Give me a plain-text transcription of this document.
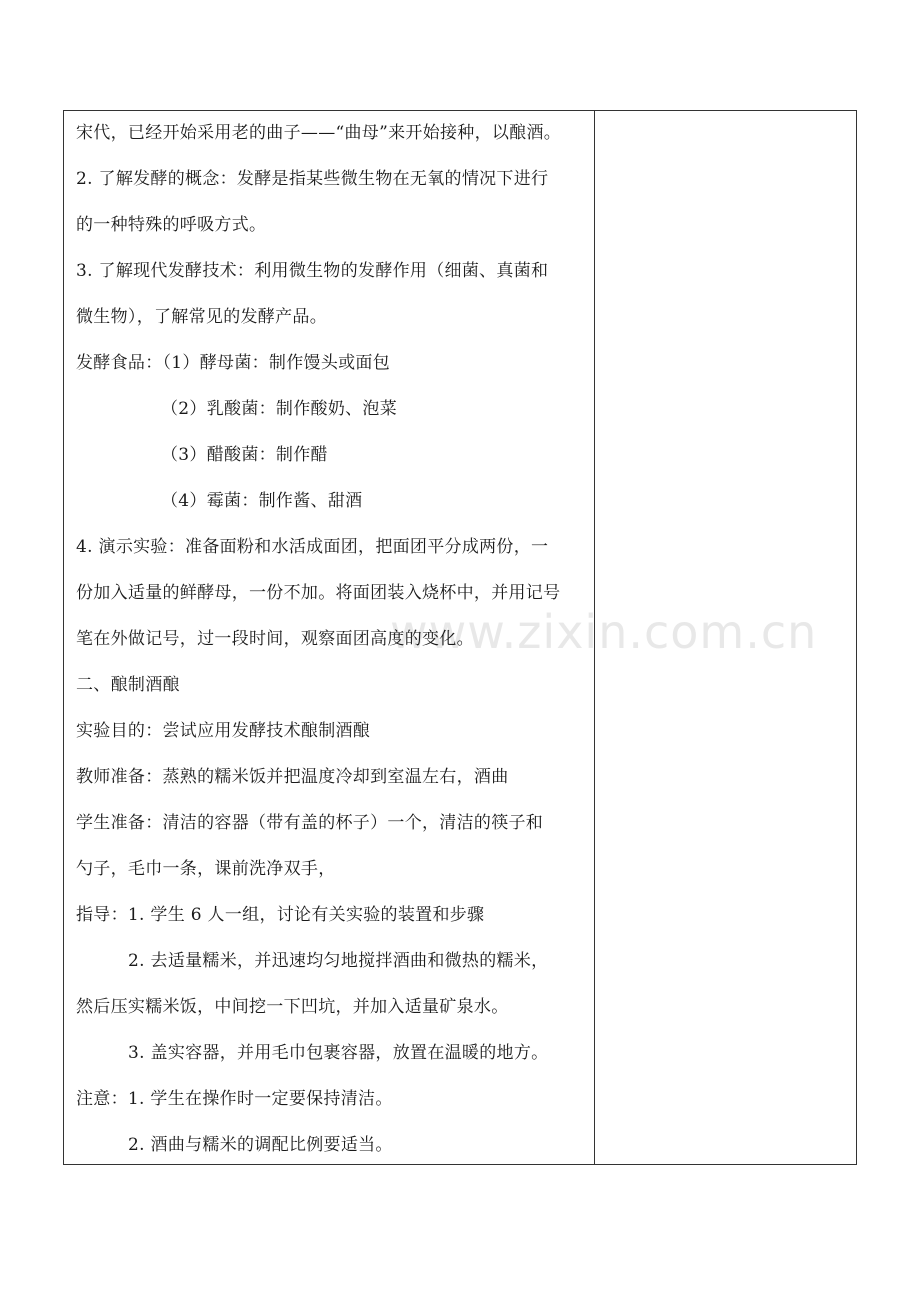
www.zixin.com.cn
宋代，已经开始采用老的曲子——“曲母”来开始接种，以酿酒。
2. 了解发酵的概念：发酵是指某些微生物在无氧的情况下进行
的一种特殊的呼吸方式。
3. 了解现代发酵技术：利用微生物的发酵作用（细菌、真菌和
微生物），了解常见的发酵产品。
发酵食品：（1）酵母菌：制作馒头或面包
（2）乳酸菌：制作酸奶、泡菜
（3）醋酸菌：制作醋
（4）霉菌：制作酱、甜酒
4. 演示实验：准备面粉和水活成面团，把面团平分成两份，一
份加入适量的鲜酵母，一份不加。将面团装入烧杯中，并用记号
笔在外做记号，过一段时间，观察面团高度的变化。
二、酿制酒酿
实验目的：尝试应用发酵技术酿制酒酿
教师准备：蒸熟的糯米饭并把温度冷却到室温左右，酒曲
学生准备：清洁的容器（带有盖的杯子）一个，清洁的筷子和
勺子，毛巾一条，课前洗净双手，
指导：1. 学生 6 人一组，讨论有关实验的装置和步骤
2. 去适量糯米，并迅速均匀地搅拌酒曲和微热的糯米，
然后压实糯米饭，中间挖一下凹坑，并加入适量矿泉水。
3. 盖实容器，并用毛巾包裹容器，放置在温暖的地方。
注意：1. 学生在操作时一定要保持清洁。
2. 酒曲与糯米的调配比例要适当。
